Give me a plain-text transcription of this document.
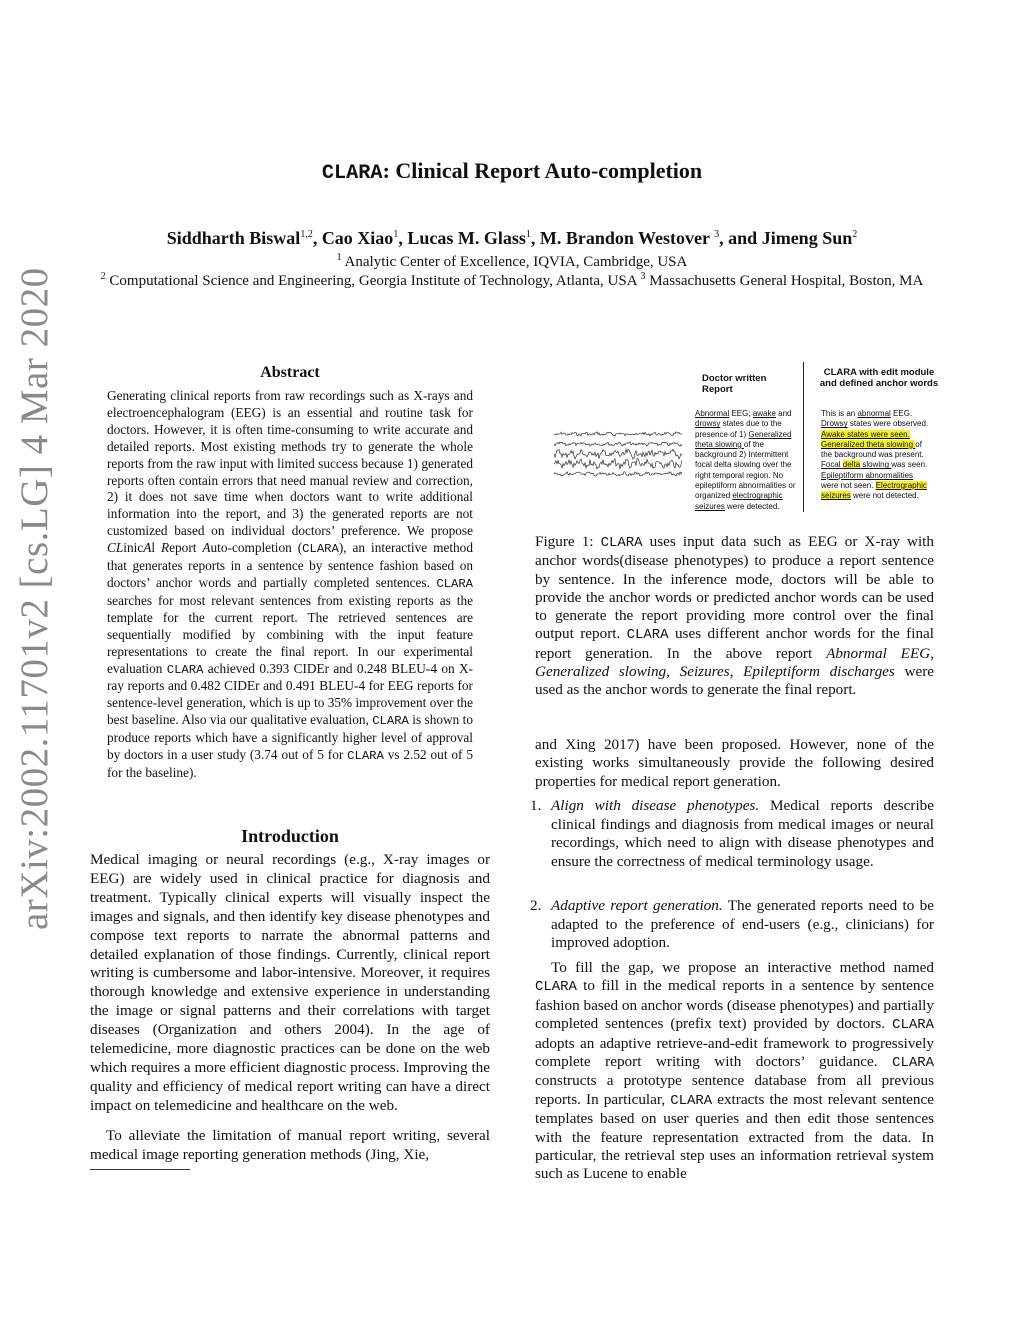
arXiv:2002.11701v2 [cs.LG] 4 Mar 2020
CLARA: Clinical Report Auto-completion
Siddharth Biswal$^{1,2}$, Cao Xiao$^1$, Lucas M. Glass$^1$, M. Brandon Westover $^3$, and Jimeng Sun$^2$
$^1$ Analytic Center of Excellence, IQVIA, Cambridge, USA
$^2$ Computational Science and Engineering, Georgia Institute of Technology, Atlanta, USA $^3$ Massachusetts General Hospital, Boston, MA
Abstract
Generating clinical reports from raw recordings such as X-rays and electroencephalogram (EEG) is an essential and routine task for doctors. However, it is often time-consuming to write accurate and detailed reports. Most existing methods try to generate the whole reports from the raw input with limited success because 1) generated reports often contain errors that need manual review and correction, 2) it does not save time when doctors want to write additional information into the report, and 3) the generated reports are not customized based on individual doctors’ preference. We propose CLinicAl Report Auto-completion (CLARA), an interactive method that generates reports in a sentence by sentence fashion based on doctors’ anchor words and partially completed sentences. CLARA searches for most relevant sentences from existing reports as the template for the current report. The retrieved sentences are sequentially modified by combining with the input feature representations to create the final report. In our experimental evaluation CLARA achieved 0.393 CIDEr and 0.248 BLEU-4 on X-ray reports and 0.482 CIDEr and 0.491 BLEU-4 for EEG reports for sentence-level generation, which is up to 35% improvement over the best baseline. Also via our qualitative evaluation, CLARA is shown to produce reports which have a significantly higher level of approval by doctors in a user study (3.74 out of 5 for CLARA vs 2.52 out of 5 for the baseline).
Introduction
Medical imaging or neural recordings (e.g., X-ray images or EEG) are widely used in clinical practice for diagnosis and treatment. Typically clinical experts will visually inspect the images and signals, and then identify key disease phenotypes and compose text reports to narrate the abnormal patterns and detailed explanation of those findings. Currently, clinical report writing is cumbersome and labor-intensive. Moreover, it requires thorough knowledge and extensive experience in understanding the image or signal patterns and their correlations with target diseases (Organization and others 2004). In the age of telemedicine, more diagnostic practices can be done on the web which requires a more efficient diagnostic process. Improving the quality and efficiency of medical report writing can have a direct impact on telemedicine and healthcare on the web.
To alleviate the limitation of manual report writing, several medical image reporting generation methods (Jing, Xie,
Doctor written Report
Abnormal EEG; awake and drowsy states due to the presence of 1) Generalized theta slowing of the background 2) Intermittent focal delta slowing over the right temporal region. No epileptiform abnormalities or organized electrographic seizures were detected.
CLARA with edit module and defined anchor words
This is an abnormal EEG. Drowsy states were observed. Awake states were seen. Generalized theta slowing of the background was present. Focal delta slowing was seen. Epileptiform abnormalities were not seen. Electrographic seizures were not detected.
Figure 1: CLARA uses input data such as EEG or X-ray with anchor words(disease phenotypes) to produce a report sentence by sentence. In the inference mode, doctors will be able to provide the anchor words or predicted anchor words can be used to generate the report providing more control over the final output report. CLARA uses different anchor words for the final report generation. In the above report Abnormal EEG, Generalized slowing, Seizures, Epileptiform discharges were used as the anchor words to generate the final report.
and Xing 2017) have been proposed. However, none of the existing works simultaneously provide the following desired properties for medical report generation.
1. Align with disease phenotypes. Medical reports describe clinical findings and diagnosis from medical images or neural recordings, which need to align with disease phenotypes and ensure the correctness of medical terminology usage.
2. Adaptive report generation. The generated reports need to be adapted to the preference of end-users (e.g., clinicians) for improved adoption.
To fill the gap, we propose an interactive method named CLARA to fill in the medical reports in a sentence by sentence fashion based on anchor words (disease phenotypes) and partially completed sentences (prefix text) provided by doctors. CLARA adopts an adaptive retrieve-and-edit framework to progressively complete report writing with doctors’ guidance. CLARA constructs a prototype sentence database from all previous reports. In particular, CLARA extracts the most relevant sentence templates based on user queries and then edit those sentences with the feature representation extracted from the data. In particular, the retrieval step uses an information retrieval system such as Lucene to enable
